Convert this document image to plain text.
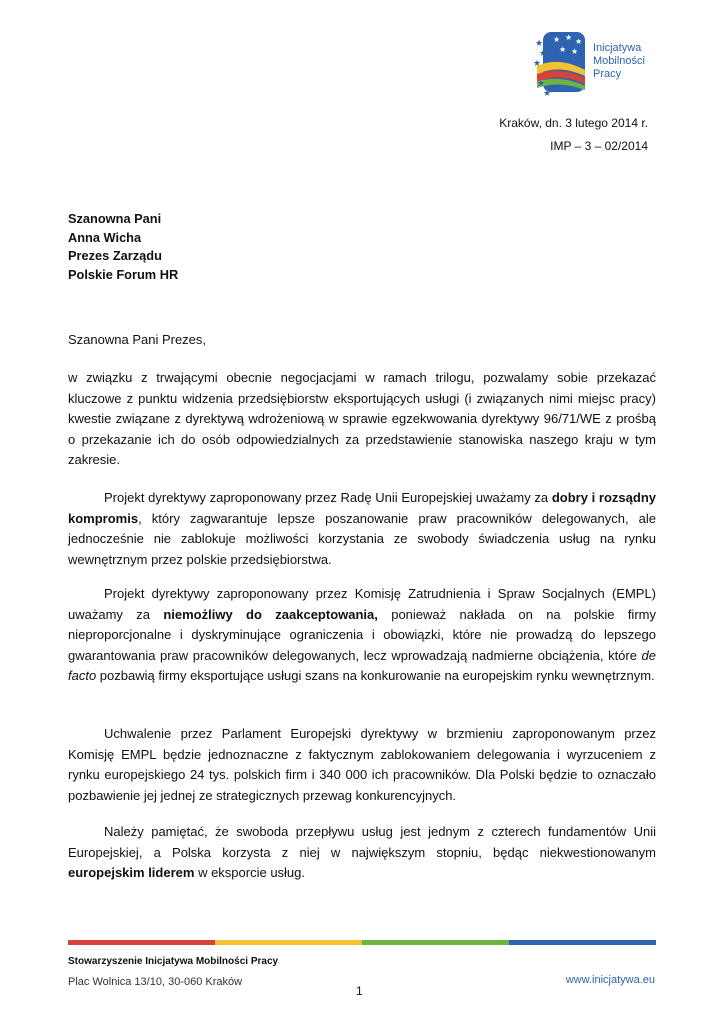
★
★
★
★
★
★ ★ ★
★ ★ Inicjatywa
Mobilności
Pracy
Kraków, dn. 3 lutego 2014 r.
IMP – 3 – 02/2014
Szanowna Pani
Anna Wicha
Prezes Zarządu
Polskie Forum HR
Szanowna Pani Prezes,
w związku z trwającymi obecnie negocjacjami w ramach trilogu, pozwalamy sobie przekazać kluczowe z punktu widzenia przedsiębiorstw eksportujących usługi (i związanych nimi miejsc pracy) kwestie związane z dyrektywą wdrożeniową w sprawie egzekwowania dyrektywy 96/71/WE z prośbą o przekazanie ich do osób odpowiedzialnych za przedstawienie stanowiska naszego kraju w tym zakresie.
Projekt dyrektywy zaproponowany przez Radę Unii Europejskiej uważamy za dobry i rozsądny kompromis, który zagwarantuje lepsze poszanowanie praw pracowników delegowanych, ale jednocześnie nie zablokuje możliwości korzystania ze swobody świadczenia usług na rynku wewnętrznym przez polskie przedsiębiorstwa.
Projekt dyrektywy zaproponowany przez Komisję Zatrudnienia i Spraw Socjalnych (EMPL) uważamy za niemożliwy do zaakceptowania, ponieważ nakłada on na polskie firmy nieproporcjonalne i dyskryminujące ograniczenia i obowiązki, które nie prowadzą do lepszego gwarantowania praw pracowników delegowanych, lecz wprowadzają nadmierne obciążenia, które de facto pozbawią firmy eksportujące usługi szans na konkurowanie na europejskim rynku wewnętrznym.
Uchwalenie przez Parlament Europejski dyrektywy w brzmieniu zaproponowanym przez Komisję EMPL będzie jednoznaczne z faktycznym zablokowaniem delegowania i wyrzuceniem z rynku europejskiego 24 tys. polskich firm i 340 000 ich pracowników. Dla Polski będzie to oznaczało pozbawienie jej jednej ze strategicznych przewag konkurencyjnych.
Należy pamiętać, że swoboda przepływu usług jest jednym z czterech fundamentów Unii Europejskiej, a Polska korzysta z niej w największym stopniu, będąc niekwestionowanym europejskim liderem w eksporcie usług.
Stowarzyszenie Inicjatywa Mobilności Pracy
Plac Wolnica 13/10, 30-060 Kraków	www.inicjatywa.eu
1
